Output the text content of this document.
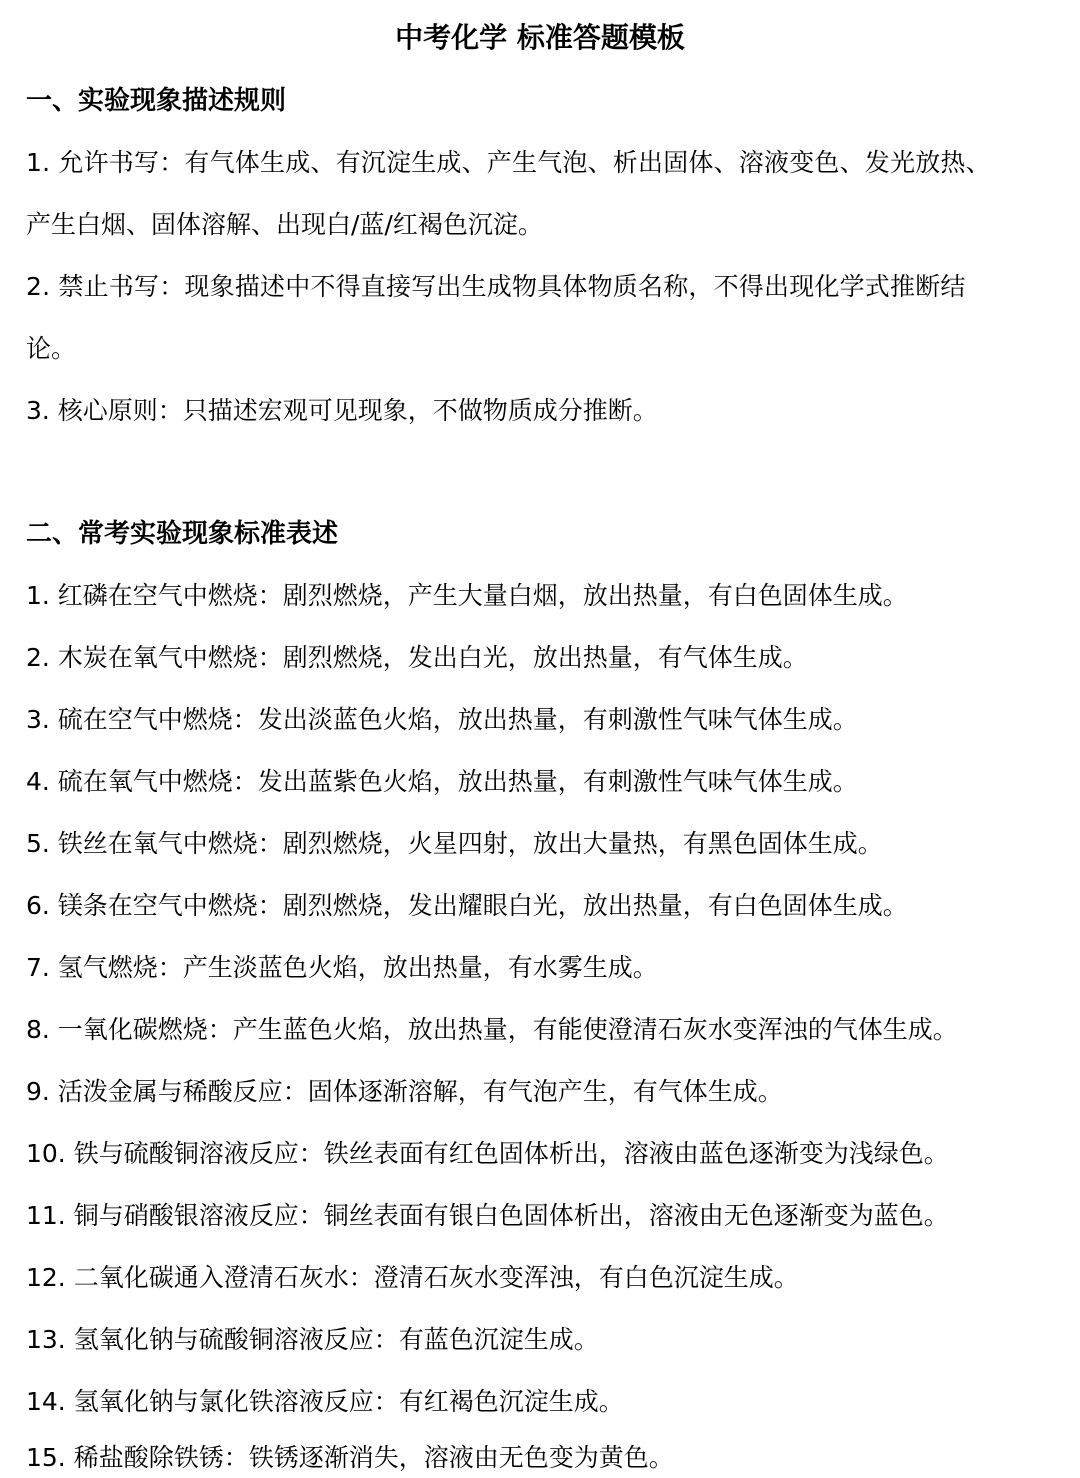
中考化学 标准答题模板
一、实验现象描述规则
1. 允许书写：有气体生成、有沉淀生成、产生气泡、析出固体、溶液变色、发光放热、
产生白烟、固体溶解、出现白/蓝/红褐色沉淀。
2. 禁止书写：现象描述中不得直接写出生成物具体物质名称，不得出现化学式推断结
论。
3. 核心原则：只描述宏观可见现象，不做物质成分推断。
二、常考实验现象标准表述
1. 红磷在空气中燃烧：剧烈燃烧，产生大量白烟，放出热量，有白色固体生成。
2. 木炭在氧气中燃烧：剧烈燃烧，发出白光，放出热量，有气体生成。
3. 硫在空气中燃烧：发出淡蓝色火焰，放出热量，有刺激性气味气体生成。
4. 硫在氧气中燃烧：发出蓝紫色火焰，放出热量，有刺激性气味气体生成。
5. 铁丝在氧气中燃烧：剧烈燃烧，火星四射，放出大量热，有黑色固体生成。
6. 镁条在空气中燃烧：剧烈燃烧，发出耀眼白光，放出热量，有白色固体生成。
7. 氢气燃烧：产生淡蓝色火焰，放出热量，有水雾生成。
8. 一氧化碳燃烧：产生蓝色火焰，放出热量，有能使澄清石灰水变浑浊的气体生成。
9. 活泼金属与稀酸反应：固体逐渐溶解，有气泡产生，有气体生成。
10. 铁与硫酸铜溶液反应：铁丝表面有红色固体析出，溶液由蓝色逐渐变为浅绿色。
11. 铜与硝酸银溶液反应：铜丝表面有银白色固体析出，溶液由无色逐渐变为蓝色。
12. 二氧化碳通入澄清石灰水：澄清石灰水变浑浊，有白色沉淀生成。
13. 氢氧化钠与硫酸铜溶液反应：有蓝色沉淀生成。
14. 氢氧化钠与氯化铁溶液反应：有红褐色沉淀生成。
15. 稀盐酸除铁锈：铁锈逐渐消失，溶液由无色变为黄色。
